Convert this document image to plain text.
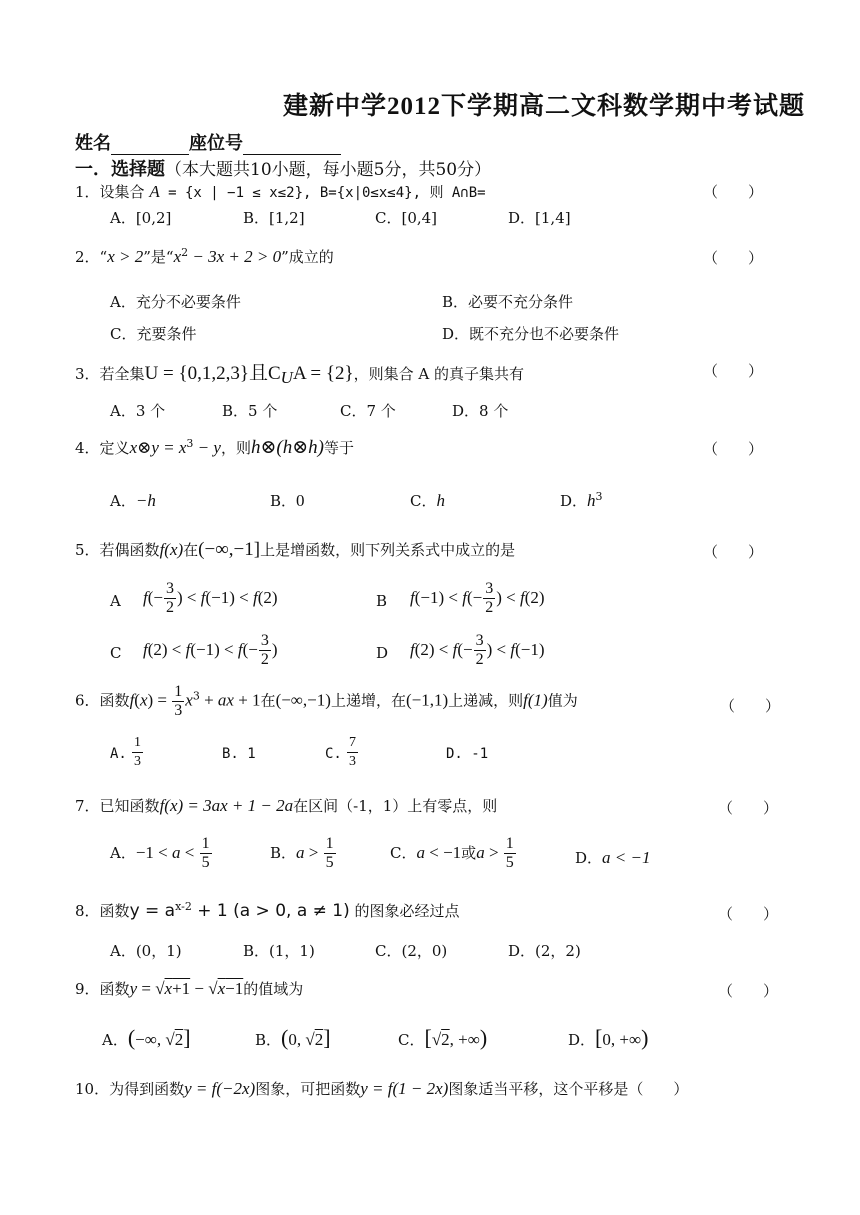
建新中学2012下学期高二文科数学期中考试题
姓名	座位号
一．选择题（本大题共10小题，每小题5分，共50分）
1．设集合 A = {x | −1 ≤ x≤2}, B={x|0≤x≤4}, 则 A∩B=	（　　）
A．[0,2]	B．[1,2]	C．[0,4]	D．[1,4]
2．“x > 2”是“$x^2 - 3x + 2 > 0$”成立的	（　　）
A．充分不必要条件	B．必要不充分条件
C．充要条件	D．既不充分也不必要条件
3．若全集U = {0,1,2,3}且$C_UA = \{2\}$，则集合 A 的真子集共有	（　　）
A．3 个	B．5 个	C．7 个	D．8 个
4．定义x⊗y = $x^3 - y$，则h⊗(h⊗h)等于	（　　）
A．−h	B．0	C．h	D．$h^3$
5．若偶函数f(x)在(−∞,−1]上是增函数，则下列关系式中成立的是	（　　）
A $f(- \frac{3}{2}$ ) < f(−1) < f(2)	B $f(-1) < f(- \frac{3}{2}$ ) < f(2)
C $f(2) < f(-1) < f(- \frac{3}{2}$ )	D $f(2) < f(- \frac{3}{2}$ ) < f(−1)
6．函数$f(x) = \frac{1}{3} x^3$ + ax + 1在(−∞,−1)上递增，在(−1,1)上递减，则f(1)值为	（　　）
A. $\frac{1}{3}$	B. 1	C. $\frac{7}{3}$	D. -1
7．已知函数f(x) = 3ax + 1 − 2a在区间（-1，1）上有零点，则	（　　）
A．$-1 < a < \frac{1}{5}$	B．$a > \frac{1}{5}$	C．a < −1或$a > \frac{1}{5}$	D．a < −1
8．函数$y = a^{x-2} + 1$ (a > 0, a ≠ 1) 的图象必经过点	（　　）
A．(0，1)	B．(1，1)	C．(2，0)	D．(2，2)
9．函数y = √x+1 − √x−1的值域为	（　　）
A．(−∞, √2]	B．(0, √2]	C．[√2, +∞)	D．[0, +∞)
10．为得到函数y = f(−2x)图象，可把函数y = f(1 − 2x)图象适当平移，这个平移是（　　）
